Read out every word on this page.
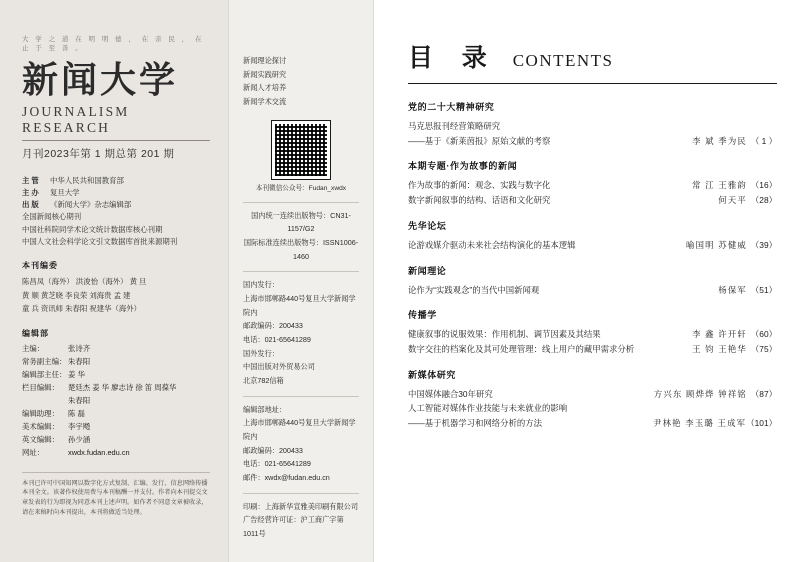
大 学 之 道 在 明 明 德 ， 在 亲 民 ， 在 止 于 至 善 。
新闻大学
JOURNALISM RESEARCH
月刊2023年第 1 期总第 201 期
主管	中华人民共和国教育部
主办	复旦大学
出版	《新闻大学》杂志编辑部
全国新闻核心期刊
中国社科院同学术论文统计数据库核心刊期
中国人文社会科学论文引文数据库首批来源期刊
本刊编委
陈昌凤（海外） 洪浚怡（海外） 黄 旦
黄 顺 黄芝晓 李良荣 刘海贵 孟 建
童 兵 资讯师 朱春阳 祝建华（海外）
编辑部
主编：	张诗齐
常务副主编： 朱春阳
编辑部主任： 姜 华
栏目编辑：	楚廷杰 姜 华 廖志诗 徐 笛 周葆华
朱春阳
编辑助理：	陈 磊
美术编辑：	李宇飏
英文编辑：	孙少涵
网址：	xwdx.fudan.edu.cn
本刊已许可中国知网以数字化方式复制、汇编、发行、信息网络传播本刊全文。该著作权使用费与本刊稿酬一并支付。作者向本刊提交文章发表的行为即视为同意本刊上述声明。如作者不同意文章被收录，请在来稿时向本刊提出，本刊将做适当处理。
新闻理论探讨
新闻实践研究
新闻人才培养
新闻学术交流
本刊微信公众号：Fudan_xwdx
国内统一连续出版物号：CN31-1157/G2
国际标准连续出版物号：ISSN1006-1460
国内发行：
上海市邯郸路440号复旦大学新闻学院内
邮政编码：200433
电话：021-65641289
国外发行：
中国出版对外贸易公司
北京782信箱
编辑部地址：
上海市邯郸路440号复旦大学新闻学院内
邮政编码：200433
电话：021-65641289
邮件：xwdx@fudan.edu.cn
印刷：上海新华宣雅美印刷有限公司
广告经营许可证：沪工商广字第1011号
目 录 CONTENTS
党的二十大精神研究
马克思报刊经营策略研究
——基于《新莱茵报》原始文献的考察	李 斌 季为民 （ 1 ）
本期专题·作为故事的新闻
作为故事的新闻：观念、实践与数字化	常 江 王雅韵 （16）
数字新闻叙事的结构、话语和文化研究	何天平 （28）
先华论坛
论游戏媒介驱动未来社会结构演化的基本逻辑	喻国明 苏健威 （39）
新闻理论
论作为“实践观念”的当代中国新闻观	杨保军 （51）
传播学
健康叙事的说服效果：作用机制、调节因素及其结果	李 鑫 许开轩 （60）
数字交往的档案化及其可处理管理：线上用户的藏甲需求分析	王 钧 王艳华 （75）
新媒体研究
中国媒体融合30年研究	方兴东 顾烨烨 钟祥铭 （87）
人工智能对媒体作业技能与未来就业的影响
——基于机器学习和网络分析的方法	尹林艳 李玉璐 王成军 （101）
